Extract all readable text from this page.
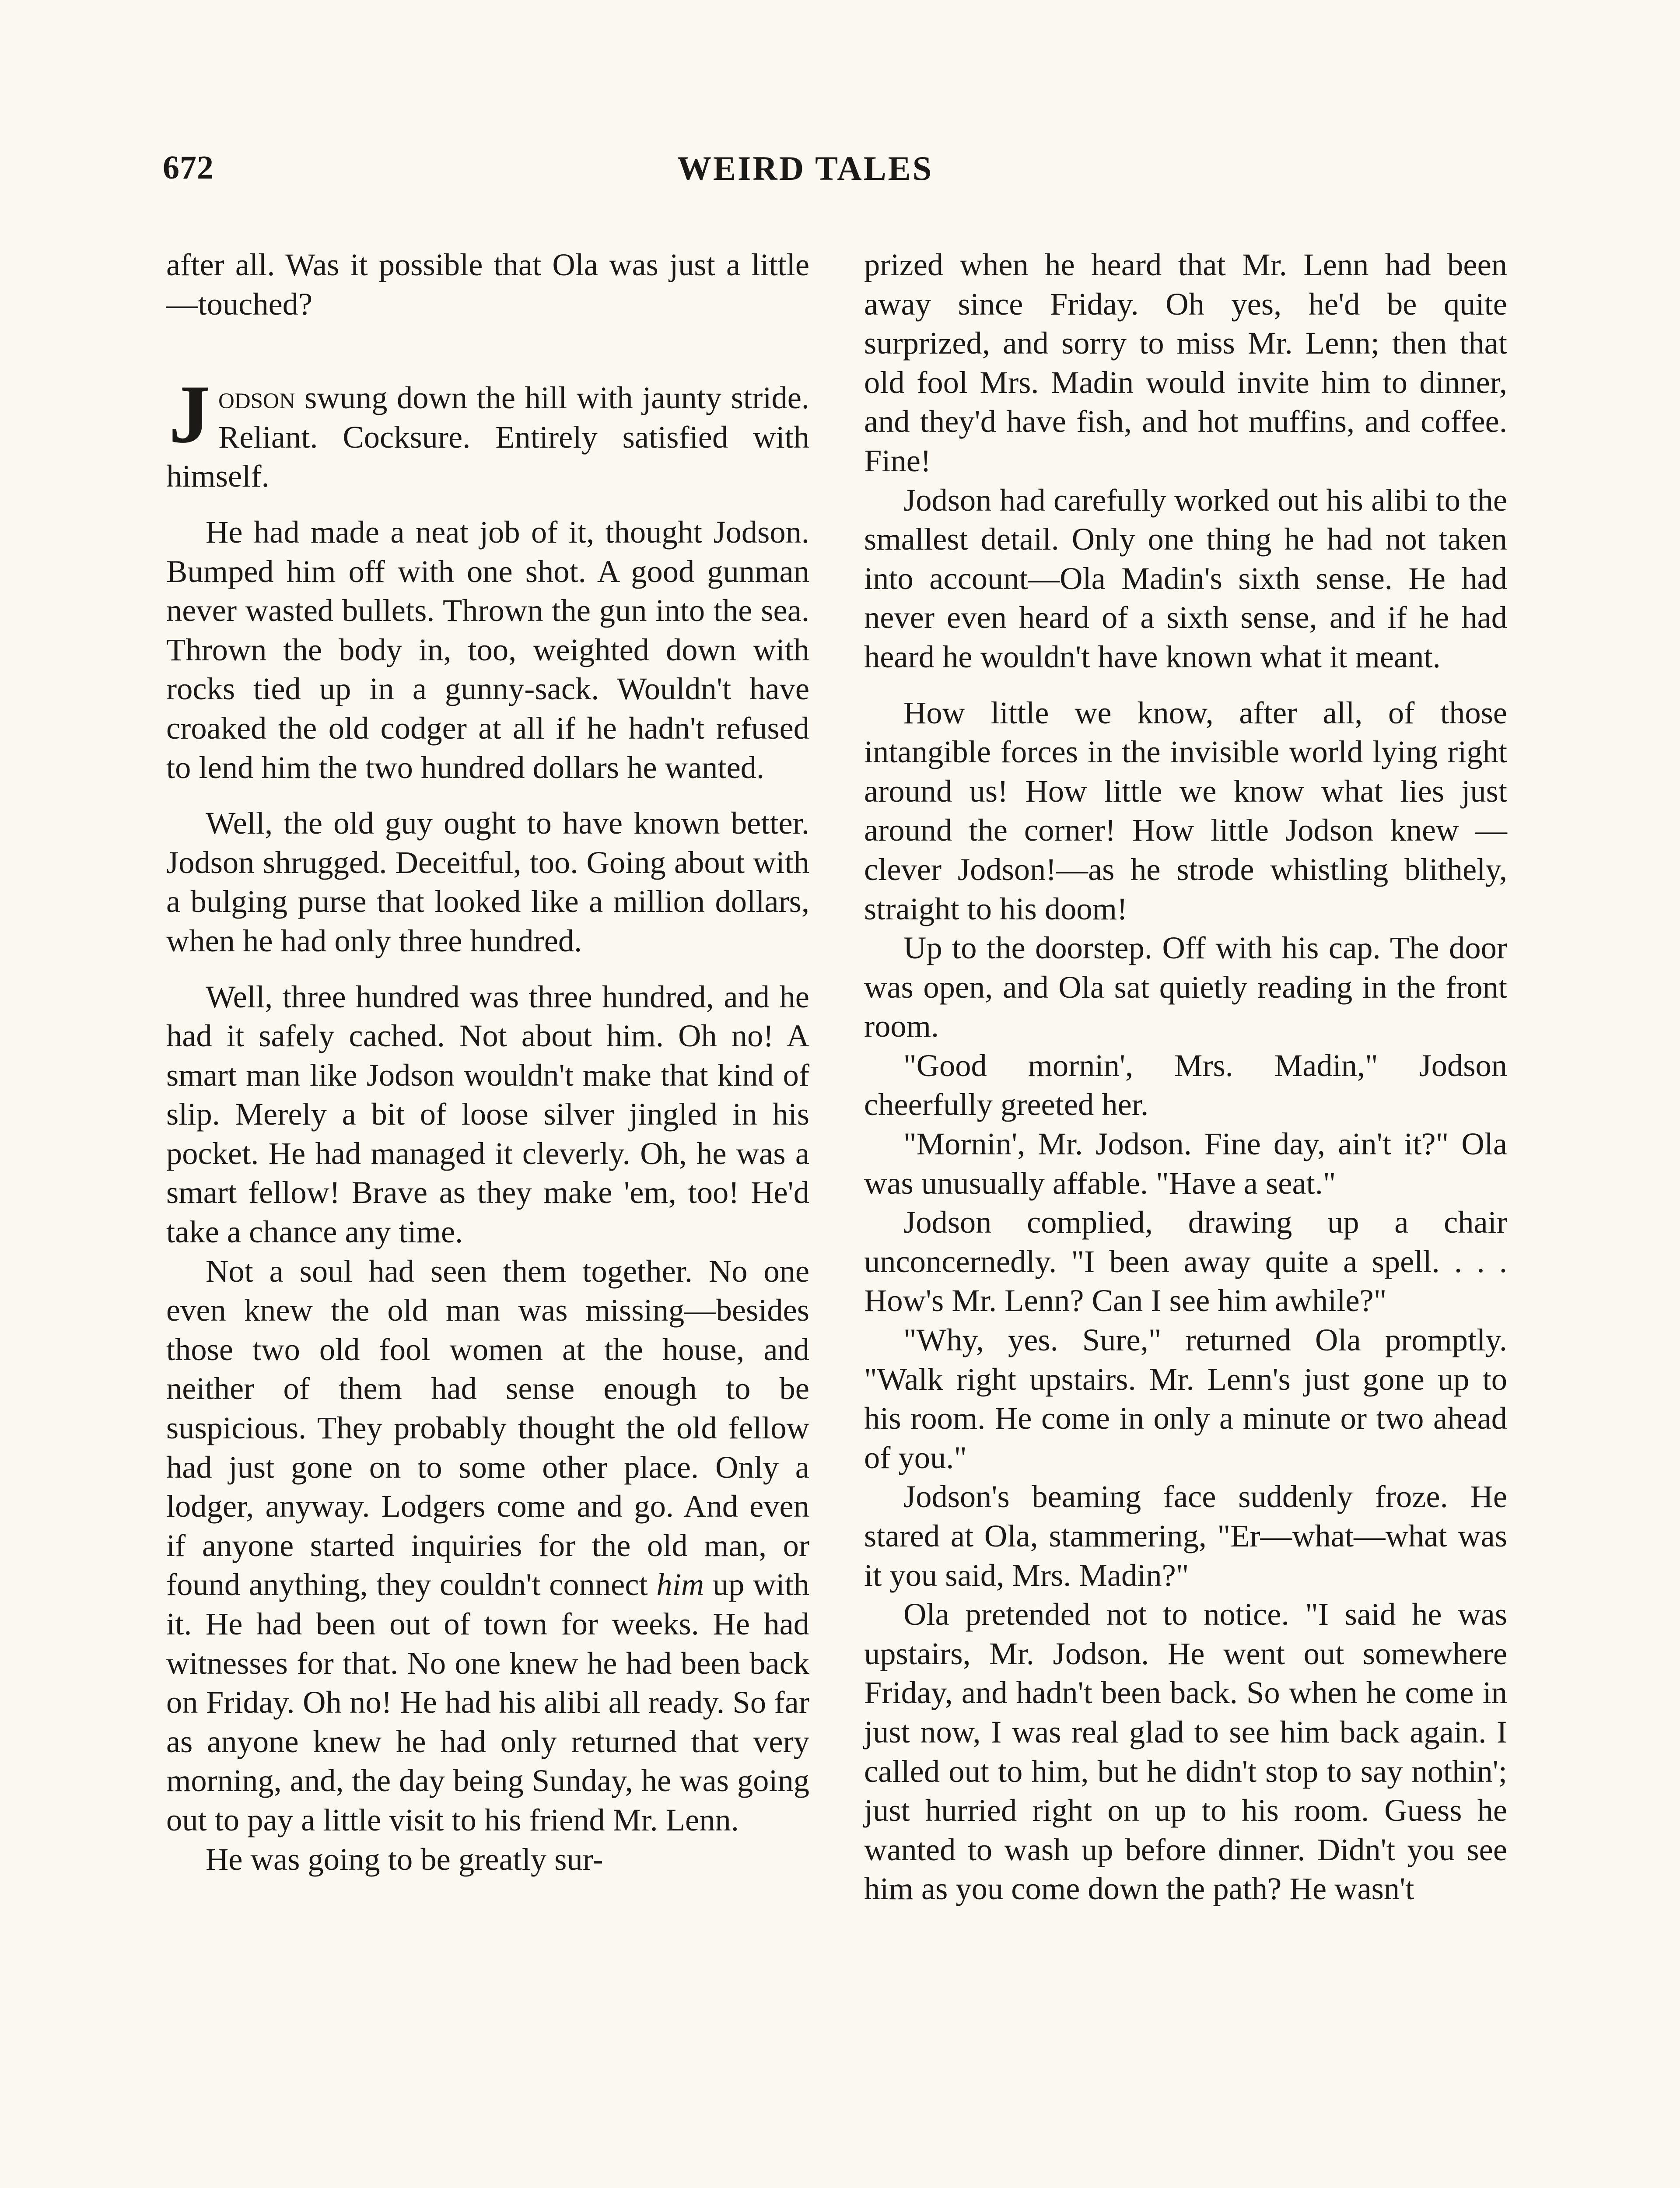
672	WEIRD TALES

after all. Was it possible that Ola was just a little—touched?

Jodson swung down the hill with jaunty stride. Reliant. Cocksure. Entirely satisfied with himself.

He had made a neat job of it, thought Jodson. Bumped him off with one shot. A good gunman never wasted bullets. Thrown the gun into the sea. Thrown the body in, too, weighted down with rocks tied up in a gunny-sack. Wouldn't have croaked the old codger at all if he hadn't refused to lend him the two hundred dollars he wanted.

Well, the old guy ought to have known better. Jodson shrugged. Deceitful, too. Going about with a bulging purse that looked like a million dollars, when he had only three hundred.

Well, three hundred was three hundred, and he had it safely cached. Not about him. Oh no! A smart man like Jodson wouldn't make that kind of slip. Merely a bit of loose silver jingled in his pocket. He had managed it cleverly. Oh, he was a smart fellow! Brave as they make 'em, too! He'd take a chance any time.

Not a soul had seen them together. No one even knew the old man was missing—besides those two old fool women at the house, and neither of them had sense enough to be suspicious. They probably thought the old fellow had just gone on to some other place. Only a lodger, anyway. Lodgers come and go. And even if anyone started inquiries for the old man, or found anything, they couldn't connect him up with it. He had been out of town for weeks. He had witnesses for that. No one knew he had been back on Friday. Oh no! He had his alibi all ready. So far as anyone knew he had only returned that very morning, and, the day being Sunday, he was going out to pay a little visit to his friend Mr. Lenn.

He was going to be greatly sur-

prized when he heard that Mr. Lenn had been away since Friday. Oh yes, he'd be quite surprized, and sorry to miss Mr. Lenn; then that old fool Mrs. Madin would invite him to dinner, and they'd have fish, and hot muffins, and coffee. Fine!

Jodson had carefully worked out his alibi to the smallest detail. Only one thing he had not taken into account—Ola Madin's sixth sense. He had never even heard of a sixth sense, and if he had heard he wouldn't have known what it meant.

How little we know, after all, of those intangible forces in the invisible world lying right around us! How little we know what lies just around the corner! How little Jodson knew —clever Jodson!—as he strode whistling blithely, straight to his doom!

Up to the doorstep. Off with his cap. The door was open, and Ola sat quietly reading in the front room.

"Good mornin', Mrs. Madin," Jodson cheerfully greeted her.

"Mornin', Mr. Jodson. Fine day, ain't it?" Ola was unusually affable. "Have a seat."

Jodson complied, drawing up a chair unconcernedly. "I been away quite a spell. . . . How's Mr. Lenn? Can I see him awhile?"

"Why, yes. Sure," returned Ola promptly. "Walk right upstairs. Mr. Lenn's just gone up to his room. He come in only a minute or two ahead of you."

Jodson's beaming face suddenly froze. He stared at Ola, stammering, "Er—what—what was it you said, Mrs. Madin?"

Ola pretended not to notice. "I said he was upstairs, Mr. Jodson. He went out somewhere Friday, and hadn't been back. So when he come in just now, I was real glad to see him back again. I called out to him, but he didn't stop to say nothin'; just hurried right on up to his room. Guess he wanted to wash up before dinner. Didn't you see him as you come down the path? He wasn't
